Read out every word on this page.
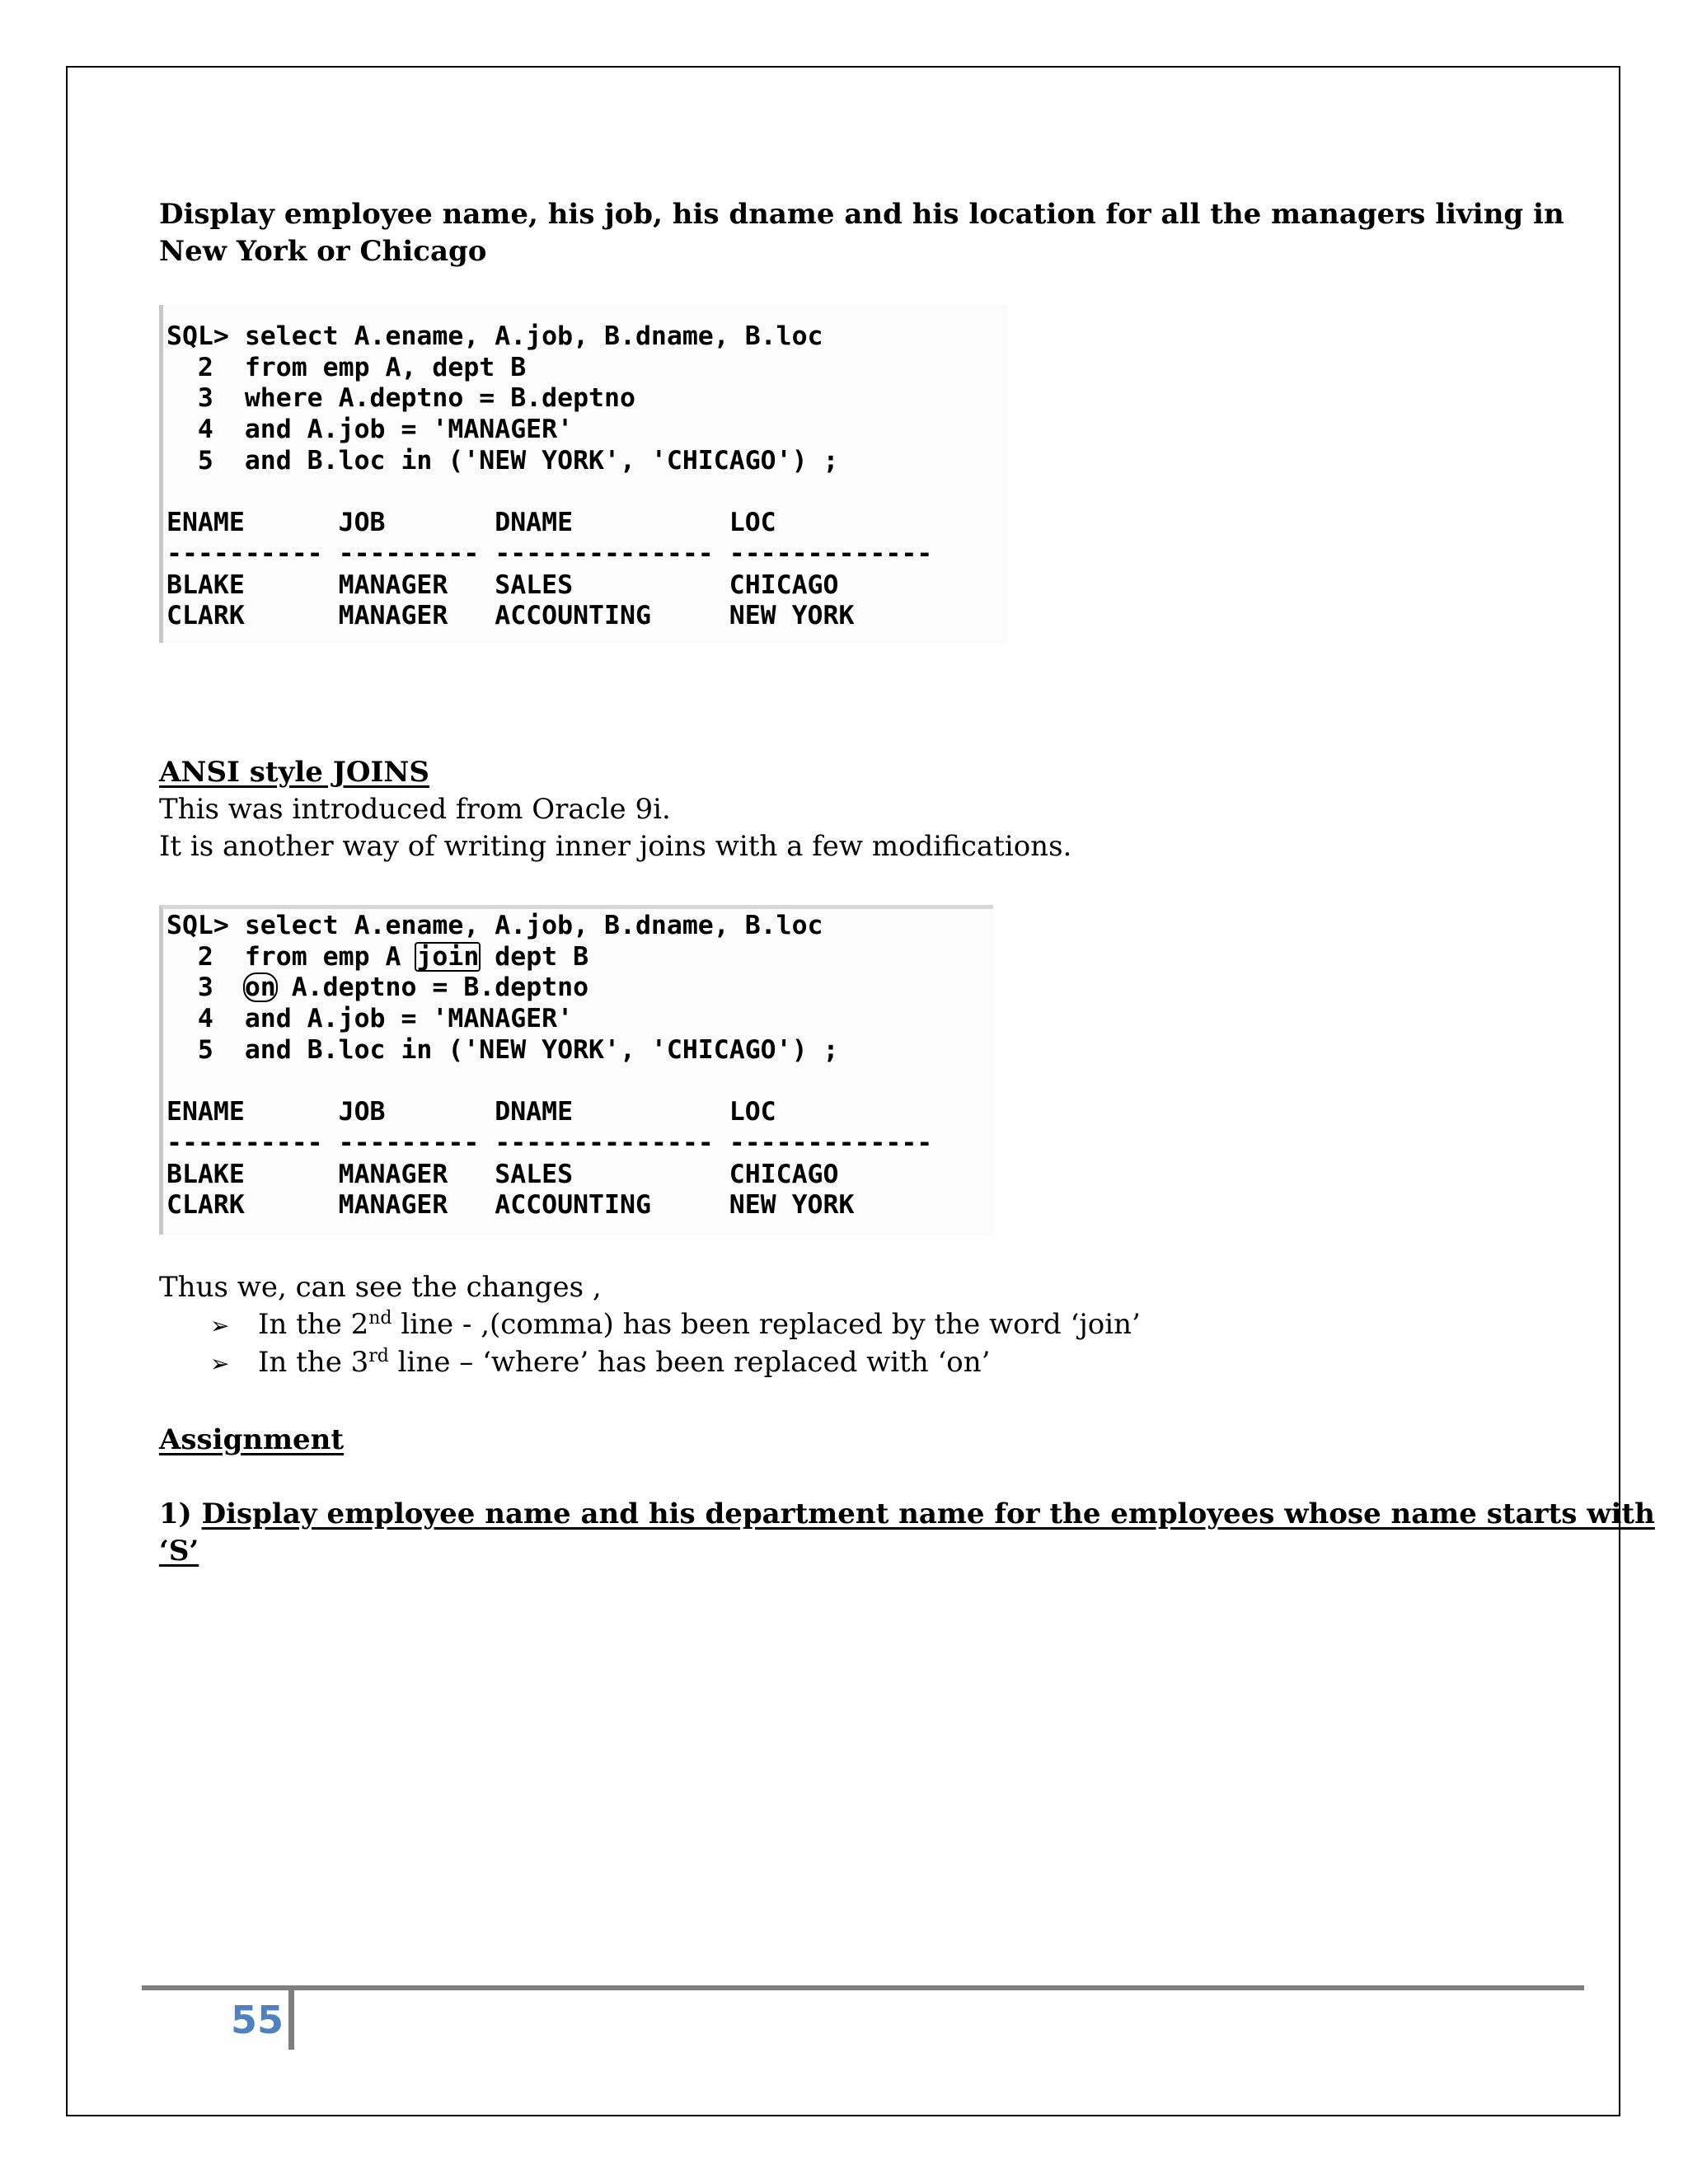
Display employee name, his job, his dname and his location for all the managers living in New York or Chicago
SQL> select A.ename, A.job, B.dname, B.loc
2  from emp A, dept B
3  where A.deptno = B.deptno
4  and A.job = 'MANAGER'
5  and B.loc in ('NEW YORK', 'CHICAGO') ;

ENAME      JOB       DNAME          LOC
---------- --------- -------------- -------------
BLAKE      MANAGER   SALES          CHICAGO
CLARK      MANAGER   ACCOUNTING     NEW YORK
ANSI style JOINS
This was introduced from Oracle 9i.
It is another way of writing inner joins with a few modifications.
SQL> select A.ename, A.job, B.dname, B.loc
2  from emp A join dept B
3  on A.deptno = B.deptno
4  and A.job = 'MANAGER'
5  and B.loc in ('NEW YORK', 'CHICAGO') ;

ENAME      JOB       DNAME          LOC
---------- --------- -------------- -------------
BLAKE      MANAGER   SALES          CHICAGO
CLARK      MANAGER   ACCOUNTING     NEW YORK
Thus we, can see the changes ,
➢	In the 2nd line - ,(comma) has been replaced by the word ‘join’
➢	In the 3rd line – ‘where’ has been replaced with ‘on’
Assignment
1) Display employee name and his department name for the employees whose name starts with ‘S’
55
